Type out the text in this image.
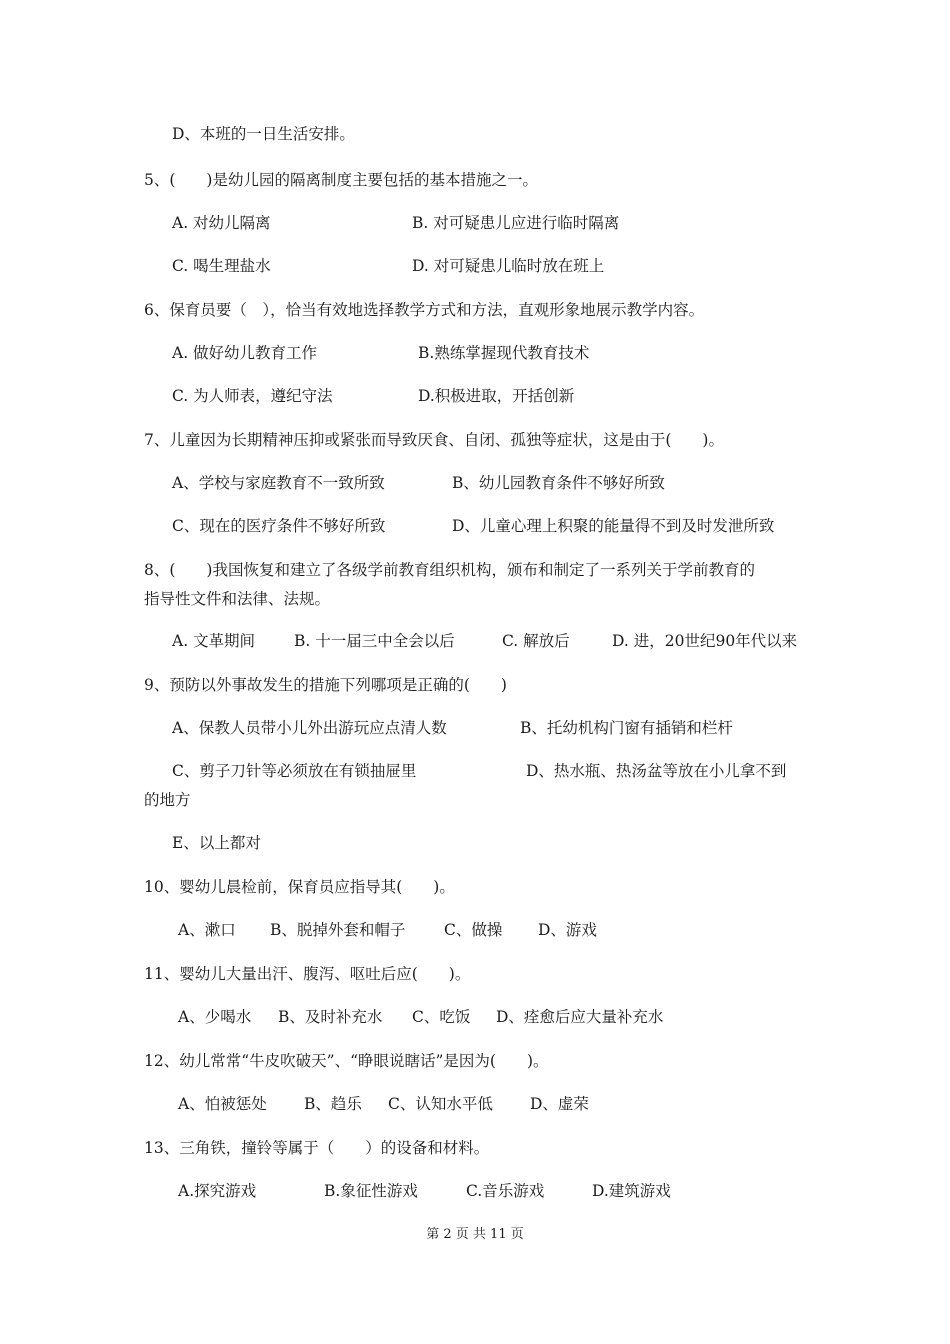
D、本班的一日生活安排。
5、(　　)是幼儿园的隔离制度主要包括的基本措施之一。
A. 对幼儿隔离	B. 对可疑患儿应进行临时隔离
C. 喝生理盐水	D. 对可疑患儿临时放在班上
6、保育员要（　），恰当有效地选择教学方式和方法，直观形象地展示教学内容。
A. 做好幼儿教育工作	B.熟练掌握现代教育技术
C. 为人师表，遵纪守法	D.积极进取，开括创新
7、儿童因为长期精神压抑或紧张而导致厌食、自闭、孤独等症状，这是由于(　　)。
A、学校与家庭教育不一致所致	B、幼儿园教育条件不够好所致
C、现在的医疗条件不够好所致	D、儿童心理上积聚的能量得不到及时发泄所致
8、(　　)我国恢复和建立了各级学前教育组织机构，颁布和制定了一系列关于学前教育的
指导性文件和法律、法规。
A. 文革期间	B. 十一届三中全会以后	C. 解放后	D. 进，20世纪90年代以来
9、预防以外事故发生的措施下列哪项是正确的(　　)
A、保教人员带小儿外出游玩应点清人数	B、托幼机构门窗有插销和栏杆
C、剪子刀针等必须放在有锁抽屉里	D、热水瓶、热汤盆等放在小儿拿不到
的地方
E、以上都对
10、婴幼儿晨检前，保育员应指导其(　　)。
A、漱口 B、脱掉外套和帽子 C、做操 D、游戏
11、婴幼儿大量出汗、腹泻、呕吐后应(　　)。
A、少喝水 B、及时补充水 C、吃饭 D、痊愈后应大量补充水
12、幼儿常常“牛皮吹破天”、“睁眼说瞎话”是因为(　　)。
A、怕被惩处 B、趋乐 C、认知水平低 D、虚荣
13、三角铁，撞铃等属于（　　）的设备和材料。
A.探究游戏	B.象征性游戏	C.音乐游戏	D.建筑游戏
第 2 页 共 11 页
